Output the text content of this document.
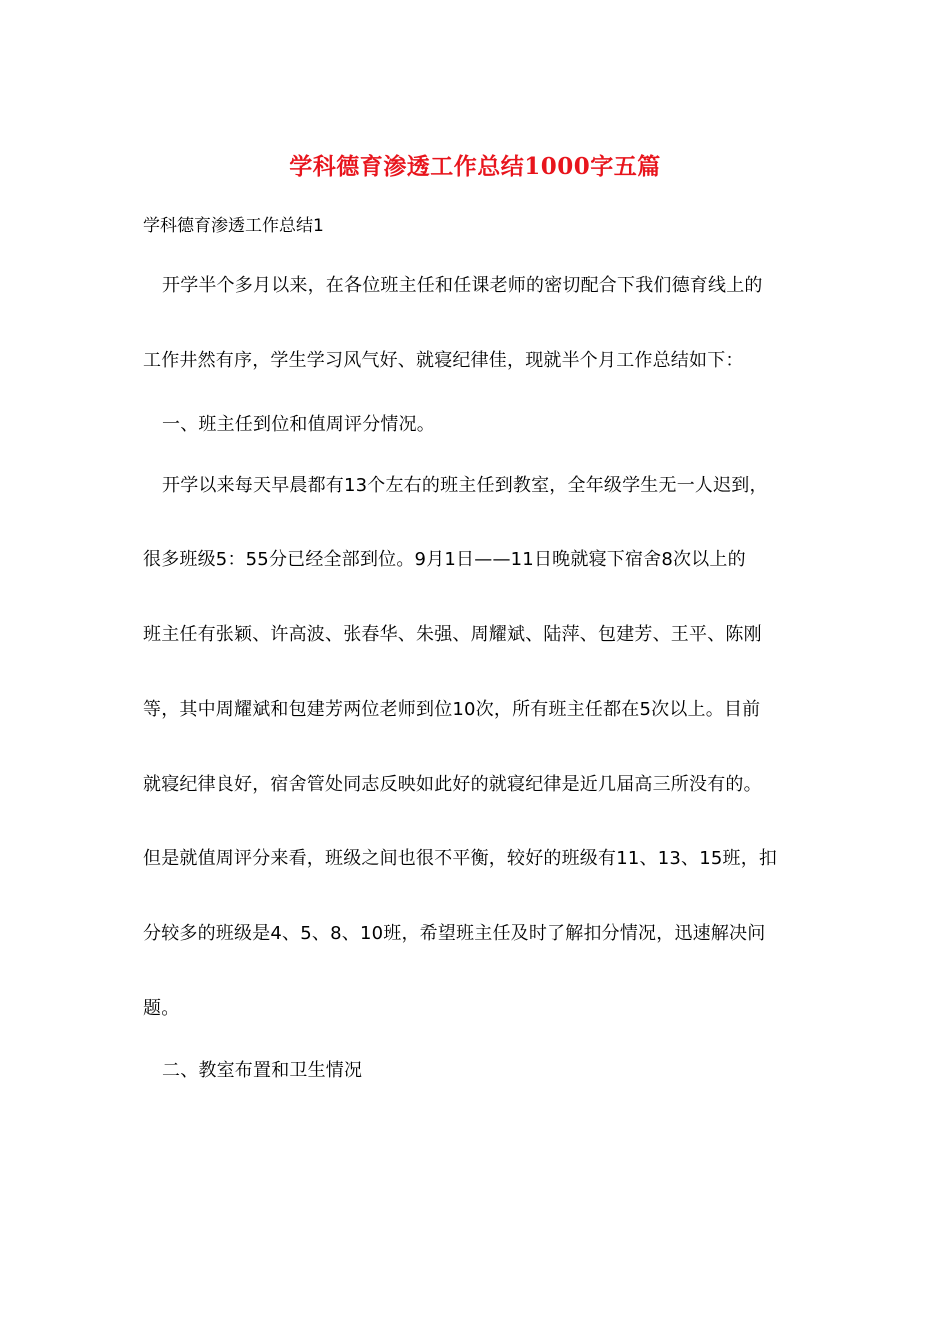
学科德育渗透工作总结1000字五篇
学科德育渗透工作总结1
开学半个多月以来，在各位班主任和任课老师的密切配合下我们德育线上的
工作井然有序，学生学习风气好、就寝纪律佳，现就半个月工作总结如下：
一、班主任到位和值周评分情况。
开学以来每天早晨都有13个左右的班主任到教室，全年级学生无一人迟到，
很多班级5：55分已经全部到位。9月1日——11日晚就寝下宿舍8次以上的
班主任有张颖、许高波、张春华、朱强、周耀斌、陆萍、包建芳、王平、陈刚
等，其中周耀斌和包建芳两位老师到位10次，所有班主任都在5次以上。目前
就寝纪律良好，宿舍管处同志反映如此好的就寝纪律是近几届高三所没有的。
但是就值周评分来看，班级之间也很不平衡，较好的班级有11、13、15班，扣
分较多的班级是4、5、8、10班，希望班主任及时了解扣分情况，迅速解决问
题。
二、教室布置和卫生情况
